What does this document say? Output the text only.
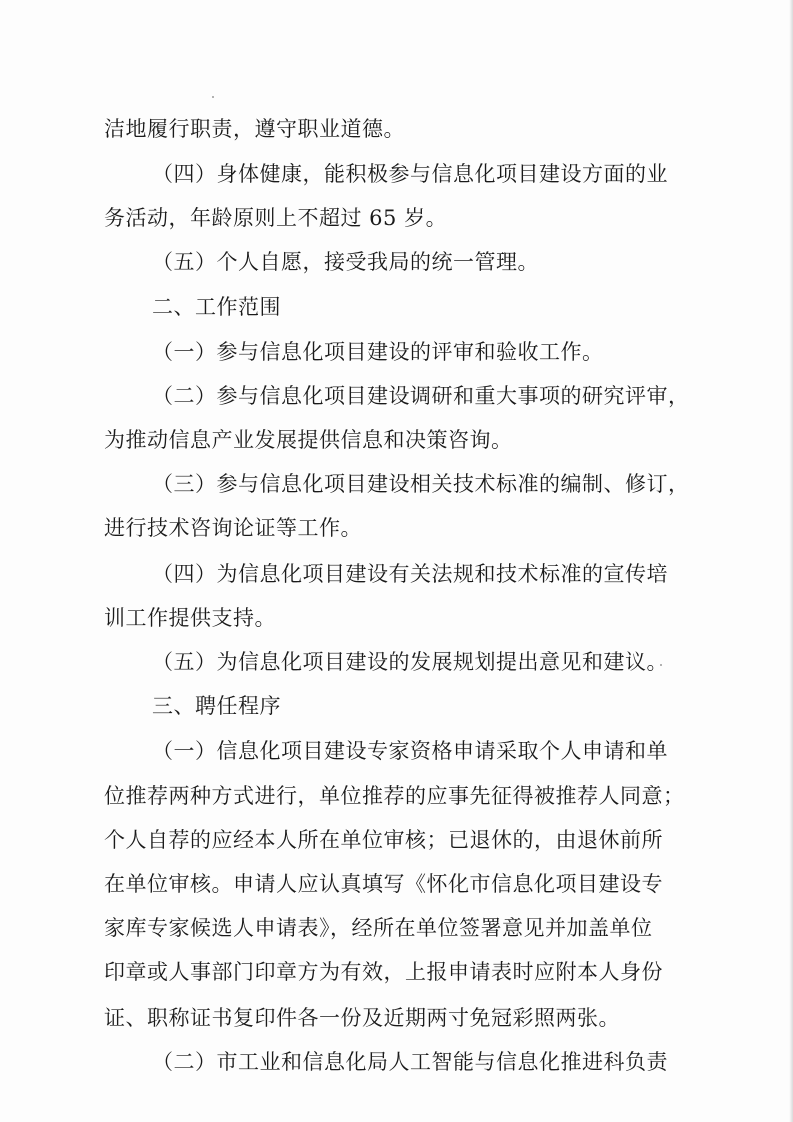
洁地履行职责，遵守职业道德。
（四）身体健康，能积极参与信息化项目建设方面的业
务活动，年龄原则上不超过 65 岁。
（五）个人自愿，接受我局的统一管理。
二、工作范围
（一）参与信息化项目建设的评审和验收工作。
（二）参与信息化项目建设调研和重大事项的研究评审，
为推动信息产业发展提供信息和决策咨询。
（三）参与信息化项目建设相关技术标准的编制、修订，
进行技术咨询论证等工作。
（四）为信息化项目建设有关法规和技术标准的宣传培
训工作提供支持。
（五）为信息化项目建设的发展规划提出意见和建议。
三、聘任程序
（一）信息化项目建设专家资格申请采取个人申请和单
位推荐两种方式进行，单位推荐的应事先征得被推荐人同意；
个人自荐的应经本人所在单位审核；已退休的，由退休前所
在单位审核。申请人应认真填写《怀化市信息化项目建设专
家库专家候选人申请表》，经所在单位签署意见并加盖单位
印章或人事部门印章方为有效，上报申请表时应附本人身份
证、职称证书复印件各一份及近期两寸免冠彩照两张。
（二）市工业和信息化局人工智能与信息化推进科负责
